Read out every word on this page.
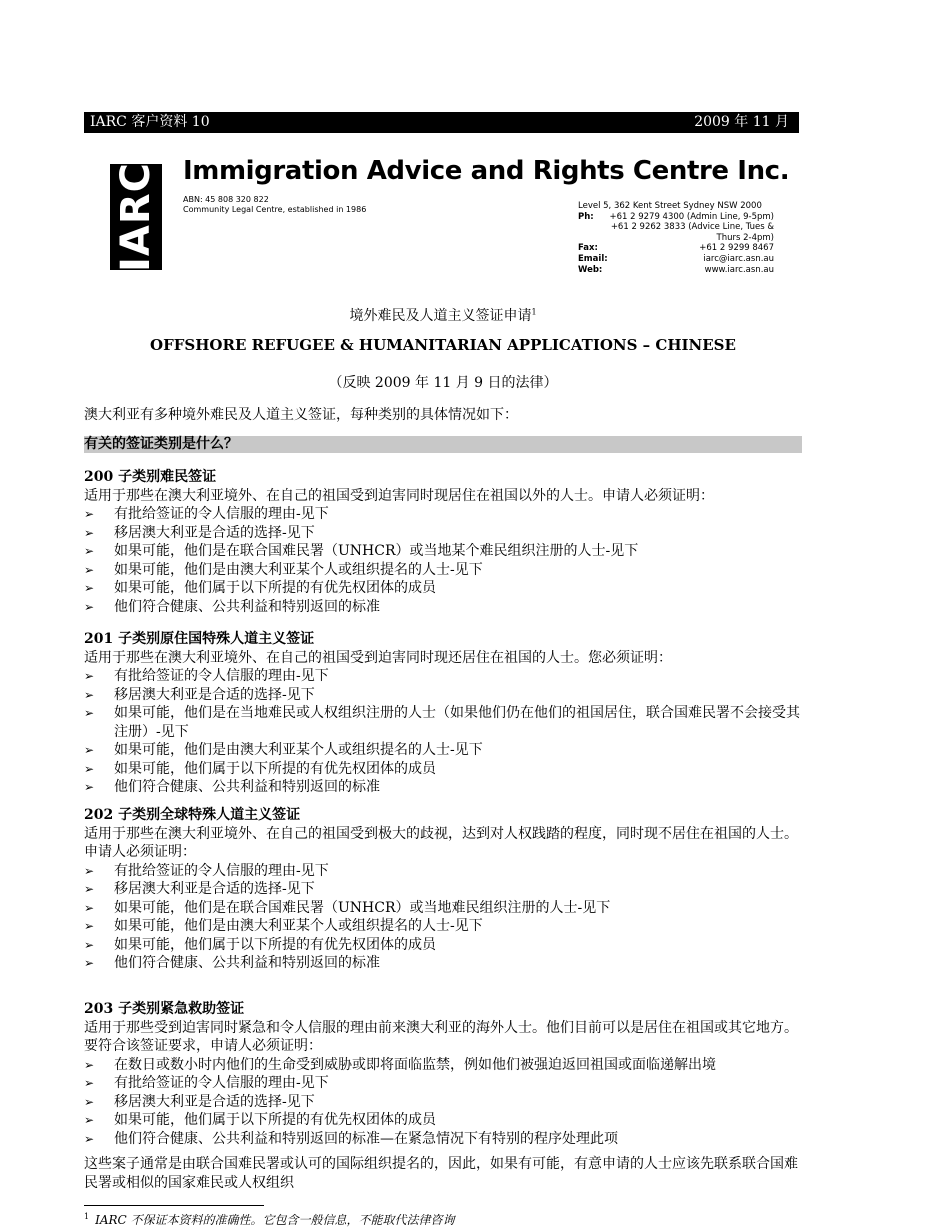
IARC 客户资料 10	2009 年 11 月
IARC Immigration Advice and Rights Centre Inc.
ABN: 45 808 320 822
Community Legal Centre, established in 1986	Level 5, 362 Kent Street Sydney NSW 2000
Ph:	+61 2 9279 4300 (Admin Line, 9-5pm)
+61 2 9262 3833 (Advice Line, Tues &
Thurs 2-4pm)
Fax:	+61 2 9299 8467
Email:	iarc@iarc.asn.au
Web:	www.iarc.asn.au
境外难民及人道主义签证申请$^1$
OFFSHORE REFUGEE & HUMANITARIAN APPLICATIONS – CHINESE
（反映 2009 年 11 月 9 日的法律）
澳大利亚有多种境外难民及人道主义签证，每种类别的具体情况如下：
有关的签证类别是什么？
200 子类别难民签证
适用于那些在澳大利亚境外、在自己的祖国受到迫害同时现居住在祖国以外的人士。申请人必须证明：
➢ 有批给签证的令人信服的理由-见下
➢ 移居澳大利亚是合适的选择-见下
➢ 如果可能，他们是在联合国难民署（UNHCR）或当地某个难民组织注册的人士-见下
➢ 如果可能，他们是由澳大利亚某个人或组织提名的人士-见下
➢ 如果可能，他们属于以下所提的有优先权团体的成员
➢ 他们符合健康、公共利益和特别返回的标准
201 子类别原住国特殊人道主义签证
适用于那些在澳大利亚境外、在自己的祖国受到迫害同时现还居住在祖国的人士。您必须证明：
➢ 有批给签证的令人信服的理由-见下
➢ 移居澳大利亚是合适的选择-见下
➢ 如果可能，他们是在当地难民或人权组织注册的人士（如果他们仍在他们的祖国居住，联合国难民署不会接受其注册）-见下
➢ 如果可能，他们是由澳大利亚某个人或组织提名的人士-见下
➢ 如果可能，他们属于以下所提的有优先权团体的成员
➢ 他们符合健康、公共利益和特别返回的标准
202 子类别全球特殊人道主义签证
适用于那些在澳大利亚境外、在自己的祖国受到极大的歧视，达到对人权践踏的程度，同时现不居住在祖国的人士。申请人必须证明：
➢ 有批给签证的令人信服的理由-见下
➢ 移居澳大利亚是合适的选择-见下
➢ 如果可能，他们是在联合国难民署（UNHCR）或当地难民组织注册的人士-见下
➢ 如果可能，他们是由澳大利亚某个人或组织提名的人士-见下
➢ 如果可能，他们属于以下所提的有优先权团体的成员
➢ 他们符合健康、公共利益和特别返回的标准
203 子类别紧急救助签证
适用于那些受到迫害同时紧急和令人信服的理由前来澳大利亚的海外人士。他们目前可以是居住在祖国或其它地方。要符合该签证要求，申请人必须证明：
➢ 在数日或数小时内他们的生命受到威胁或即将面临监禁，例如他们被强迫返回祖国或面临递解出境
➢ 有批给签证的令人信服的理由-见下
➢ 移居澳大利亚是合适的选择-见下
➢ 如果可能，他们属于以下所提的有优先权团体的成员
➢ 他们符合健康、公共利益和特别返回的标准—在紧急情况下有特别的程序处理此项
这些案子通常是由联合国难民署或认可的国际组织提名的，因此，如果有可能，有意申请的人士应该先联系联合国难民署或相似的国家难民或人权组织
$^1$ IARC 不保证本资料的准确性。它包含一般信息，不能取代法律咨询
